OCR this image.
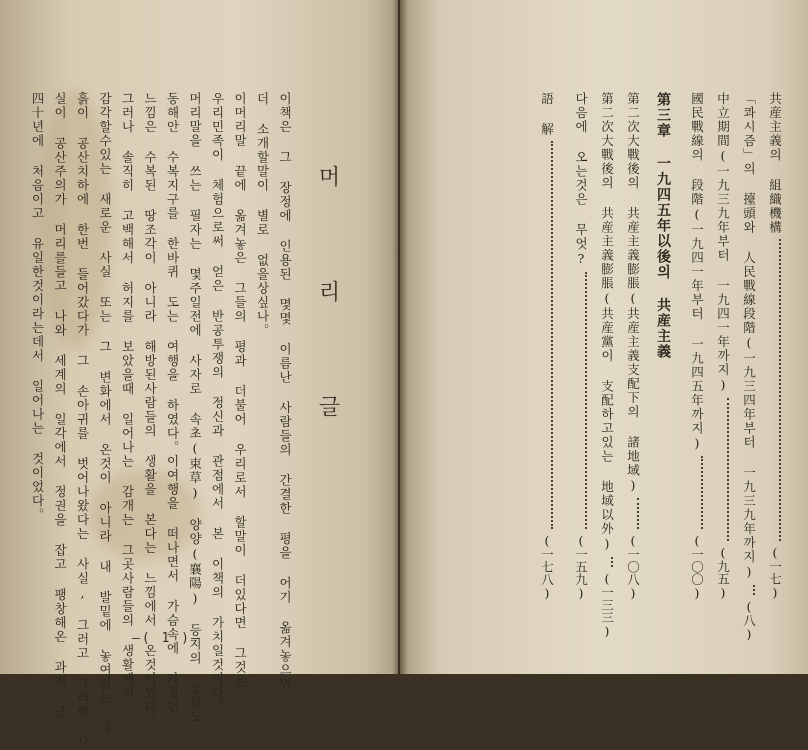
머 리 글
이책은 그 장정에 인용된 몇몇 이름난 사람들의 간결한 평을 어기 옮겨놓으면
더 소개할말이 별로 없을상싶나。
이머리말 끝에 옮겨놓은 그들의 평과 더불어 우리로서 할말이 더있다면 그것은
우리민족이 체험으로써 얻은 반공투쟁의 정신과 관점에서 본 이책의 가치일것이다。
머리말을 쓰는 필자는 몇주일전에 사자로 속초(束草) 양양(襄陽) 등지의 강원도
동해안 수복지구를 한바퀴 도는 여행을 하였다。이여행을 떠나면서 가슴속에 가졌던
느낌은 수복된 땅조각이 아니라 해방된사람들의 생활을 본다는 느낌에서 온것이었다。
그러나 솔직히 고백해서 허지를 보았을때 일어나는 감개는 그곳사람들의 생활에서
감각할수있는 새로운 사실 또는 그 변화에서 온것이 아니라 내 발밑에 놓여있는 그
흙이 공산치하에 한번 들어갔다가 그 손아귀를 벗어나왔다는 사실, 그러고 그러한 사
실이 공산주의가 머리를들고 나와 세계의 일각에서 정권을 잡고 팽창해온 과거 근
四十년에 처음이고 유일한것이라는데서 일어나는 것이었다。
—( 1 )—
共産主義의 組織機構
(一七)
「콰시즘」의 擡頭와 人民戰線段階(一九三四年부터 一九三九年까지)
(八)
中立期間(一九三九年부터 一九四一年까지)
(九五)
國民戰線의 段階(一九四一年부터 一九四五年까지)
(一〇〇)
第三章 一九四五年以後의 共産主義
第二次大戰後의 共産主義膨脹(共産主義支配下의 諸地域)
(一〇八)
第二次大戰後의 共産主義膨脹(共産黨이 支配하고있는 地域以外)
(一三三)
다음에 오는것은 무엇?
(一五九)
語 解
(一七八)
